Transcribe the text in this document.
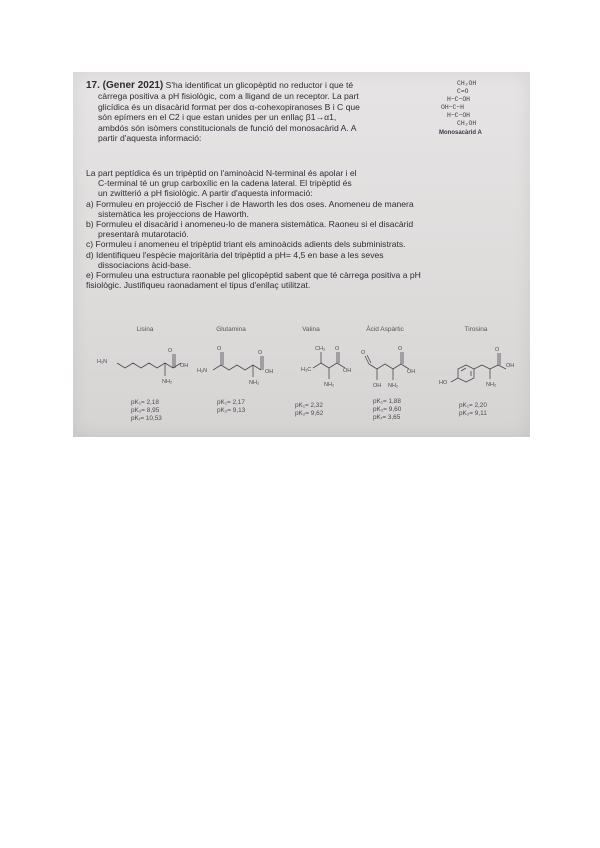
17. (Gener 2021) S'ha identificat un glicopèptid no reductor i que té
càrrega positiva a pH fisiològic, com a lligand de un receptor. La part
glicídica és un disacàrid format per dos α-cohexopiranoses B i C que
són epímers en el C2 i que estan unides per un enllaç β1→α1,
ambdós són isòmers constitucionals de funció del monosacàrid A. A
partir d'aquesta informació:

CH₂OH
C=O
H−C−OH
OH−C−H
H−C−OH
CH₂OH
Monosacàrid A
La part peptídica és un tripèptid on l'aminoàcid N-terminal és apolar i el
C-terminal té un grup carboxílic en la cadena lateral. El tripèptid és
un zwitterió a pH fisiològic. A partir d'aquesta informació:
a) Formuleu en projecció de Fischer i de Haworth les dos oses. Anomeneu de manera
sistemàtica les projeccions de Haworth.
b) Formuleu el disacàrid i anomeneu-lo de manera sistemàtica. Raoneu si el disacàrid
presentarà mutarotació.
c) Formuleu i anomeneu el tripèptid triant els aminoàcids adients dels subministrats.
d) Identifiqueu l'espècie majoritària del tripèptid a pH= 4,5 en base a les seves
dissociacions àcid-base.
e) Formuleu una estructura raonable pel glicopèptid sabent que té càrrega positiva a pH
fisiològic. Justifiqueu raonadament el tipus d'enllaç utilitzat.
Lisina	Glutamina	Valina	Àcid Aspàrtic	Tirosina
H₂N
O
OH
NH₂
H₂N
O
O
OH
NH₂
CH₃
H₃C
O
OH
NH₂
O
OH
O
OH
NH₂	HO
O
OH
NH₂
pK₁= 2,18
pK₂= 8,95
pKᵣ= 10,53
pK₁= 2,17
pK₂= 9,13
pK₁= 2,32
pK₂= 9,62
pK₁= 1,88
pK₂= 9,60
pKᵣ= 3,65
pK₁= 2,20
pK₂= 9,11
